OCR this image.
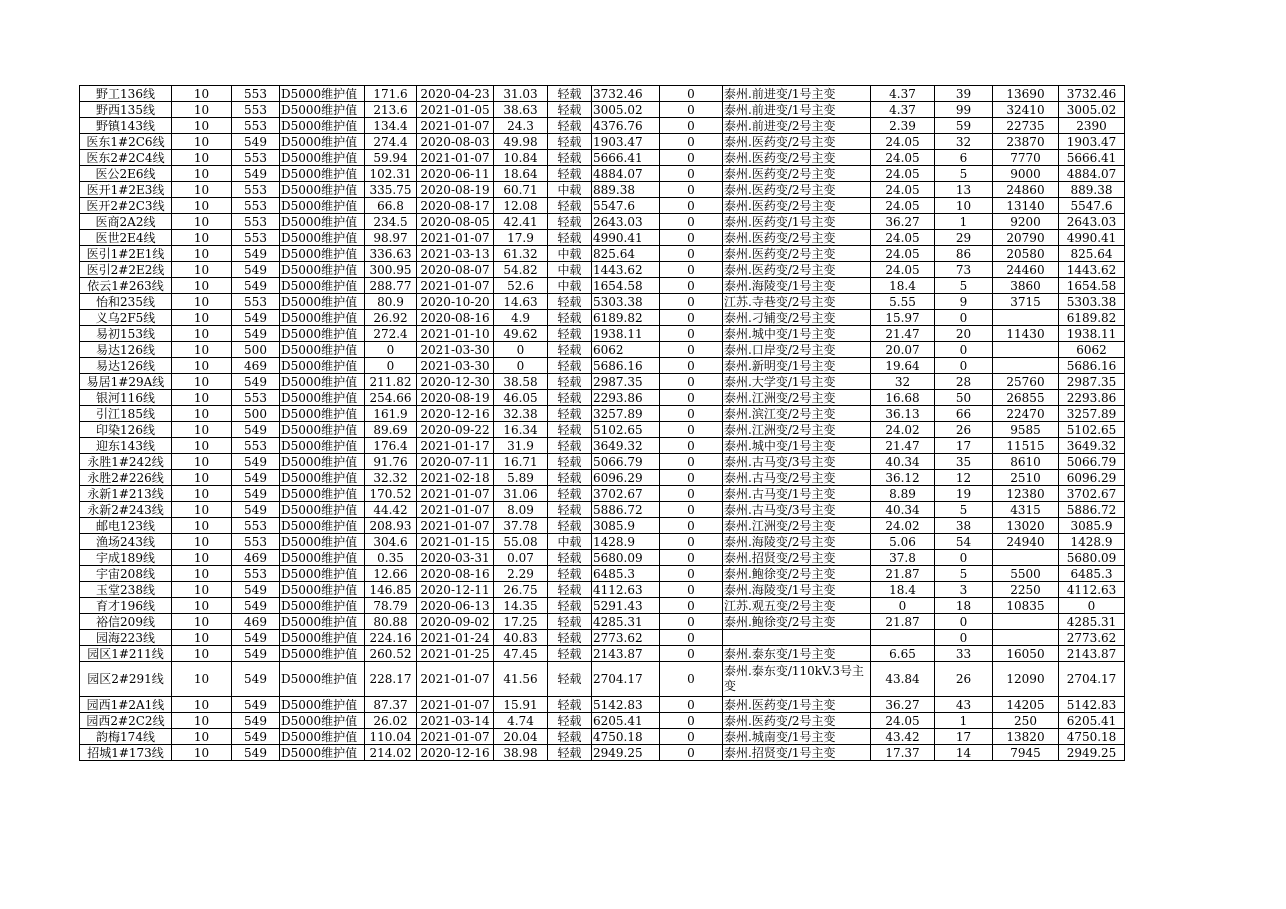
野工136线	10	553	D5000维护值	171.6	2020-04-23	31.03	轻载	3732.46	0	泰州.前进变/1号主变	4.37	39	13690	3732.46
野西135线	10	553	D5000维护值	213.6	2021-01-05	38.63	轻载	3005.02	0	泰州.前进变/1号主变	4.37	99	32410	3005.02
野镇143线	10	553	D5000维护值	134.4	2021-01-07	24.3	轻载	4376.76	0	泰州.前进变/2号主变	2.39	59	22735	2390
医东1#2C6线	10	549	D5000维护值	274.4	2020-08-03	49.98	轻载	1903.47	0	泰州.医药变/2号主变	24.05	32	23870	1903.47
医东2#2C4线	10	553	D5000维护值	59.94	2021-01-07	10.84	轻载	5666.41	0	泰州.医药变/2号主变	24.05	6	7770	5666.41
医公2E6线	10	549	D5000维护值	102.31	2020-06-11	18.64	轻载	4884.07	0	泰州.医药变/2号主变	24.05	5	9000	4884.07
医开1#2E3线	10	553	D5000维护值	335.75	2020-08-19	60.71	中载	889.38	0	泰州.医药变/2号主变	24.05	13	24860	889.38
医开2#2C3线	10	553	D5000维护值	66.8	2020-08-17	12.08	轻载	5547.6	0	泰州.医药变/2号主变	24.05	10	13140	5547.6
医商2A2线	10	553	D5000维护值	234.5	2020-08-05	42.41	轻载	2643.03	0	泰州.医药变/1号主变	36.27	1	9200	2643.03
医世2E4线	10	553	D5000维护值	98.97	2021-01-07	17.9	轻载	4990.41	0	泰州.医药变/2号主变	24.05	29	20790	4990.41
医引1#2E1线	10	549	D5000维护值	336.63	2021-03-13	61.32	中载	825.64	0	泰州.医药变/2号主变	24.05	86	20580	825.64
医引2#2E2线	10	549	D5000维护值	300.95	2020-08-07	54.82	中载	1443.62	0	泰州.医药变/2号主变	24.05	73	24460	1443.62
依云1#263线	10	549	D5000维护值	288.77	2021-01-07	52.6	中载	1654.58	0	泰州.海陵变/1号主变	18.4	5	3860	1654.58
怡和235线	10	553	D5000维护值	80.9	2020-10-20	14.63	轻载	5303.38	0	江苏.寺巷变/2号主变	5.55	9	3715	5303.38
义乌2F5线	10	549	D5000维护值	26.92	2020-08-16	4.9	轻载	6189.82	0	泰州.刁铺变/2号主变	15.97	0		6189.82
易初153线	10	549	D5000维护值	272.4	2021-01-10	49.62	轻载	1938.11	0	泰州.城中变/1号主变	21.47	20	11430	1938.11
易达126线	10	500	D5000维护值	0	2021-03-30	0	轻载	6062	0	泰州.口岸变/2号主变	20.07	0		6062
易达126线	10	469	D5000维护值	0	2021-03-30	0	轻载	5686.16	0	泰州.新明变/1号主变	19.64	0		5686.16
易居1#29A线	10	549	D5000维护值	211.82	2020-12-30	38.58	轻载	2987.35	0	泰州.大学变/1号主变	32	28	25760	2987.35
银河116线	10	553	D5000维护值	254.66	2020-08-19	46.05	轻载	2293.86	0	泰州.江洲变/2号主变	16.68	50	26855	2293.86
引江185线	10	500	D5000维护值	161.9	2020-12-16	32.38	轻载	3257.89	0	泰州.滨江变/2号主变	36.13	66	22470	3257.89
印染126线	10	549	D5000维护值	89.69	2020-09-22	16.34	轻载	5102.65	0	泰州.江洲变/2号主变	24.02	26	9585	5102.65
迎东143线	10	553	D5000维护值	176.4	2021-01-17	31.9	轻载	3649.32	0	泰州.城中变/1号主变	21.47	17	11515	3649.32
永胜1#242线	10	549	D5000维护值	91.76	2020-07-11	16.71	轻载	5066.79	0	泰州.古马变/3号主变	40.34	35	8610	5066.79
永胜2#226线	10	549	D5000维护值	32.32	2021-02-18	5.89	轻载	6096.29	0	泰州.古马变/2号主变	36.12	12	2510	6096.29
永新1#213线	10	549	D5000维护值	170.52	2021-01-07	31.06	轻载	3702.67	0	泰州.古马变/1号主变	8.89	19	12380	3702.67
永新2#243线	10	549	D5000维护值	44.42	2021-01-07	8.09	轻载	5886.72	0	泰州.古马变/3号主变	40.34	5	4315	5886.72
邮电123线	10	553	D5000维护值	208.93	2021-01-07	37.78	轻载	3085.9	0	泰州.江洲变/2号主变	24.02	38	13020	3085.9
渔场243线	10	553	D5000维护值	304.6	2021-01-15	55.08	中载	1428.9	0	泰州.海陵变/2号主变	5.06	54	24940	1428.9
宇成189线	10	469	D5000维护值	0.35	2020-03-31	0.07	轻载	5680.09	0	泰州.招贤变/2号主变	37.8	0		5680.09
宇宙208线	10	553	D5000维护值	12.66	2020-08-16	2.29	轻载	6485.3	0	泰州.鲍徐变/2号主变	21.87	5	5500	6485.3
玉堂238线	10	549	D5000维护值	146.85	2020-12-11	26.75	轻载	4112.63	0	泰州.海陵变/1号主变	18.4	3	2250	4112.63
育才196线	10	549	D5000维护值	78.79	2020-06-13	14.35	轻载	5291.43	0	江苏.观五变/2号主变	0	18	10835	0
裕信209线	10	469	D5000维护值	80.88	2020-09-02	17.25	轻载	4285.31	0	泰州.鲍徐变/2号主变	21.87	0		4285.31
园海223线	10	549	D5000维护值	224.16	2021-01-24	40.83	轻载	2773.62	0			0		2773.62
园区1#211线	10	549	D5000维护值	260.52	2021-01-25	47.45	轻载	2143.87	0	泰州.泰东变/1号主变	6.65	33	16050	2143.87
园区2#291线	10	549	D5000维护值	228.17	2021-01-07	41.56	轻载	2704.17	0	泰州.泰东变/110kV.3号主变	43.84	26	12090	2704.17
园西1#2A1线	10	549	D5000维护值	87.37	2021-01-07	15.91	轻载	5142.83	0	泰州.医药变/1号主变	36.27	43	14205	5142.83
园西2#2C2线	10	549	D5000维护值	26.02	2021-03-14	4.74	轻载	6205.41	0	泰州.医药变/2号主变	24.05	1	250	6205.41
韵梅174线	10	549	D5000维护值	110.04	2021-01-07	20.04	轻载	4750.18	0	泰州.城南变/1号主变	43.42	17	13820	4750.18
招城1#173线	10	549	D5000维护值	214.02	2020-12-16	38.98	轻载	2949.25	0	泰州.招贤变/1号主变	17.37	14	7945	2949.25
